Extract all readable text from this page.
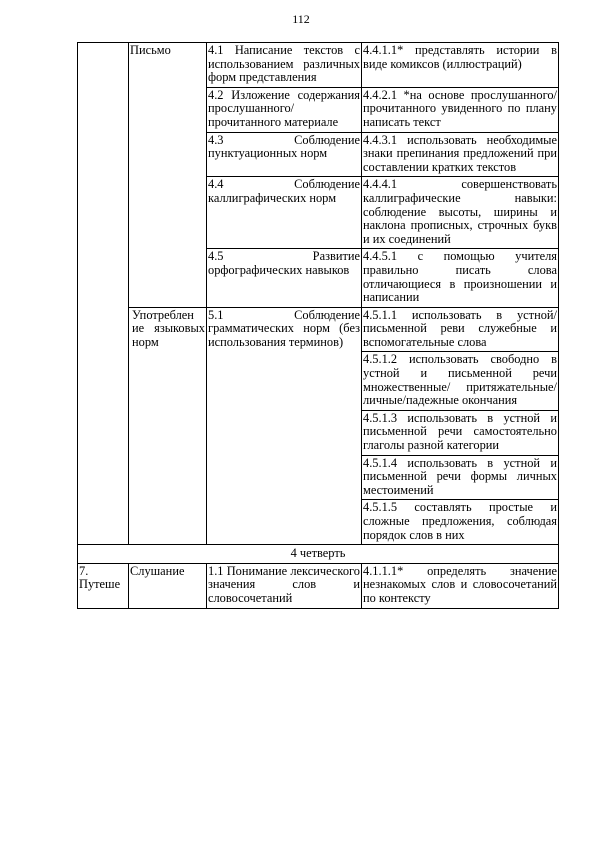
112
	Письмо	4.1 Написание текстов с использованием различных форм представления	4.4.1.1* представлять истории в виде комиксов (иллюстраций)
		4.2 Изложение содержания прослушанного/прочитанного материале	4.4.2.1 *на основе прослушанного/ прочитанного увиденного по плану написать текст
		4.3 Соблюдение пунктуационных норм	4.4.3.1 использовать необходимые знаки препинания предложений при составлении кратких текстов
		4.4 Соблюдение каллиграфических норм	4.4.4.1 совершенствовать каллиграфические навыки: соблюдение высоты, ширины и наклона прописных, строчных букв и их соединений
		4.5 Развитие орфографических навыков	4.4.5.1 с помощью учителя правильно писать слова отличающиеся в произношении и написании
	Употреблен ие языковых норм	5.1 Соблюдение грамматических норм (без использования терминов)	4.5.1.1 использовать в устной/письменной реви служебные и вспомогательные слова
			4.5.1.2 использовать свободно в устной и письменной речи множественные/ притяжательные/ личные/падежные окончания
			4.5.1.3 использовать в устной и письменной речи самостоятельно глаголы разной категории
			4.5.1.4 использовать в устной и письменной речи формы личных местоимений
			4.5.1.5 составлять простые и сложные предложения, соблюдая порядок слов в них
4 четверть			
7. Путеше	Слушание	1.1 Понимание лексического значения слов и словосочетаний	4.1.1.1* определять значение незнакомых слов и словосочетаний по контексту
